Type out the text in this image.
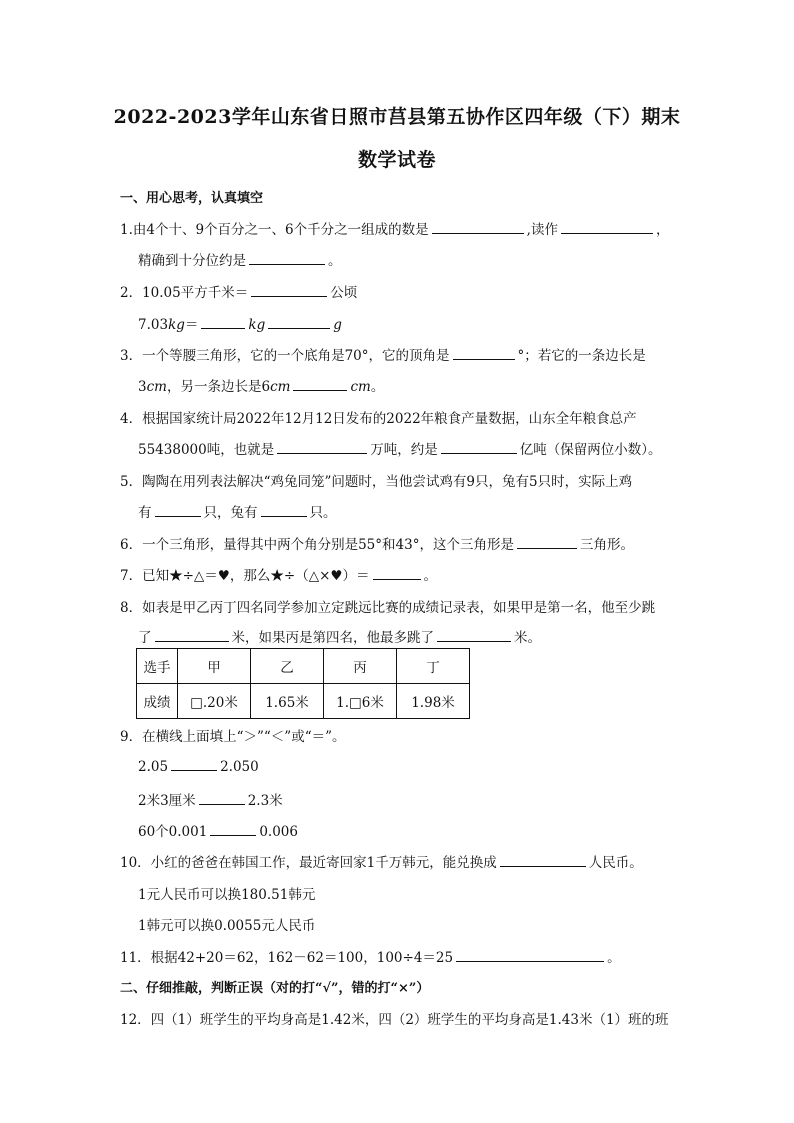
2022-2023学年山东省日照市莒县第五协作区四年级（下）期末
数学试卷
一、用心思考，认真填空
1.由4个十、9个百分之一、6个千分之一组成的数是	,读作	，
精确到十分位约是	。
2．10.05平方千米＝	公顷
7.03kg＝	kg	g
3．一个等腰三角形，它的一个底角是70°，它的顶角是	°；若它的一条边长是
3cm，另一条边长是6cm	cm。
4．根据国家统计局2022年12月12日发布的2022年粮食产量数据，山东全年粮食总产
55438000吨，也就是	万吨，约是	亿吨（保留两位小数）。
5．陶陶在用列表法解决“鸡兔同笼”问题时，当他尝试鸡有9只，兔有5只时，实际上鸡
有	只，兔有	只。
6．一个三角形，量得其中两个角分别是55°和43°，这个三角形是	三角形。
7．已知★÷△＝♥，那么★÷（△×♥）＝	。
8．如表是甲乙丙丁四名同学参加立定跳远比赛的成绩记录表，如果甲是第一名，他至少跳
了	米，如果丙是第四名，他最多跳了	米。
选手	甲	乙	丙	丁
成绩	□.20米	1.65米	1.□6米	1.98米
9．在横线上面填上“＞”“＜”或“＝”。
2.05	2.050
2米3厘米	2.3米
60个0.001	0.006
10．小红的爸爸在韩国工作，最近寄回家1千万韩元，能兑换成	人民币。
1元人民币可以换180.51韩元
1韩元可以换0.0055元人民币
11．根据42+20＝62，162－62＝100，100÷4＝25	。
二、仔细推敲，判断正误（对的打“√”，错的打“×”）
12．四（1）班学生的平均身高是1.42米，四（2）班学生的平均身高是1.43米（1）班的班
